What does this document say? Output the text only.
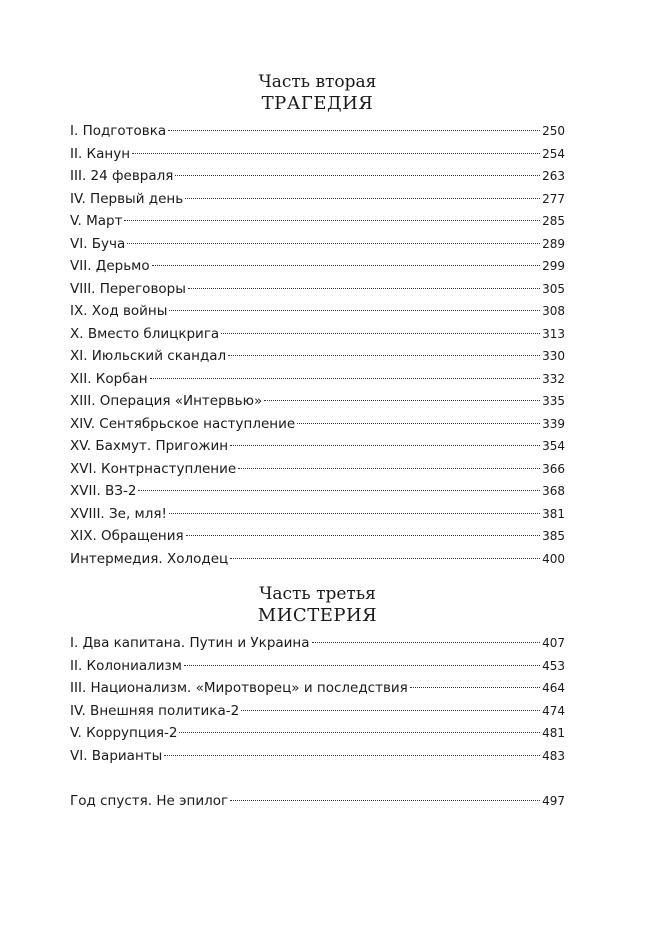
Часть вторая
ТРАГЕДИЯ
I. Подготовка	250
II. Канун	254
III. 24 февраля	263
IV. Первый день	277
V. Март	285
VI. Буча	289
VII. Дерьмо	299
VIII. Переговоры	305
IX. Ход войны	308
X. Вместо блицкрига	313
XI. Июльский скандал	330
XII. Корбан	332
XIII. Операция «Интервью»	335
XIV. Сентябрьское наступление	339
XV. Бахмут. Пригожин	354
XVI. Контрнаступление	366
XVII. ВЗ-2	368
XVIII. Зе, мля!	381
XIX. Обращения	385
Интермедия. Холодец	400
Часть третья
МИСТЕРИЯ
I. Два капитана. Путин и Украина	407
II. Колониализм	453
III. Национализм. «Миротворец» и последствия	464
IV. Внешняя политика-2	474
V. Коррупция-2	481
VI. Варианты	483
Год спустя. Не эпилог	497
